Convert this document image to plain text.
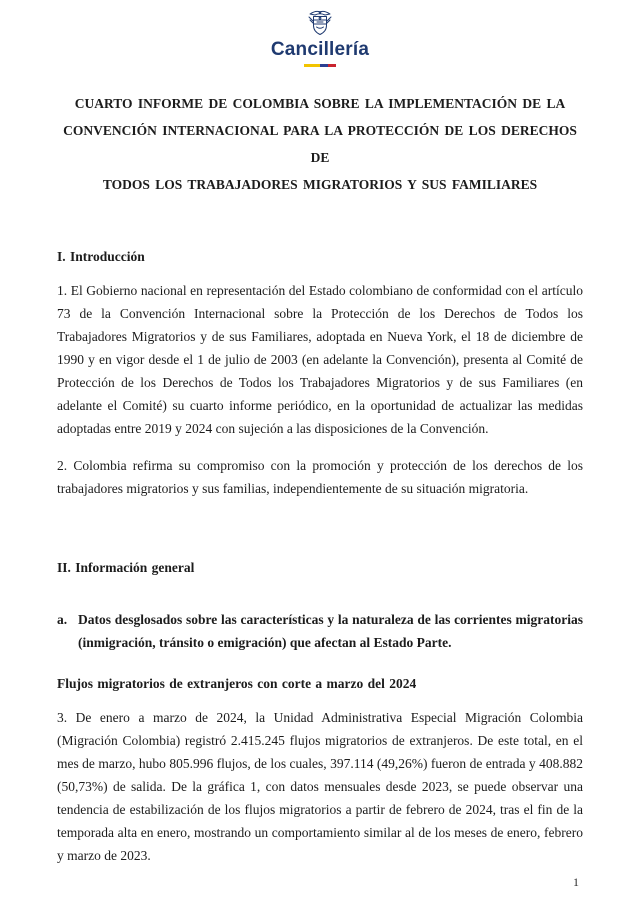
Cancillería
CUARTO INFORME DE COLOMBIA SOBRE LA IMPLEMENTACIÓN DE LA
CONVENCIÓN INTERNACIONAL PARA LA PROTECCIÓN DE LOS DERECHOS DE
TODOS LOS TRABAJADORES MIGRATORIOS Y SUS FAMILIARES
I. Introducción

1. El Gobierno nacional en representación del Estado colombiano de conformidad con el artículo 73 de la Convención Internacional sobre la Protección de los Derechos de Todos los Trabajadores Migratorios y de sus Familiares, adoptada en Nueva York, el 18 de diciembre de 1990 y en vigor desde el 1 de julio de 2003 (en adelante la Convención), presenta al Comité de Protección de los Derechos de Todos los Trabajadores Migratorios y de sus Familiares (en adelante el Comité) su cuarto informe periódico, en la oportunidad de actualizar las medidas adoptadas entre 2019 y 2024 con sujeción a las disposiciones de la Convención.

2. Colombia refirma su compromiso con la promoción y protección de los derechos de los trabajadores migratorios y sus familias, independientemente de su situación migratoria.

II. Información general
a. Datos desglosados sobre las características y la naturaleza de las corrientes migratorias (inmigración, tránsito o emigración) que afectan al Estado Parte.
Flujos migratorios de extranjeros con corte a marzo del 2024

3. De enero a marzo de 2024, la Unidad Administrativa Especial Migración Colombia (Migración Colombia) registró 2.415.245 flujos migratorios de extranjeros. De este total, en el mes de marzo, hubo 805.996 flujos, de los cuales, 397.114 (49,26%) fueron de entrada y 408.882 (50,73%) de salida. De la gráfica 1, con datos mensuales desde 2023, se puede observar una tendencia de estabilización de los flujos migratorios a partir de febrero de 2024, tras el fin de la temporada alta en enero, mostrando un comportamiento similar al de los meses de enero, febrero y marzo de 2023.

1
